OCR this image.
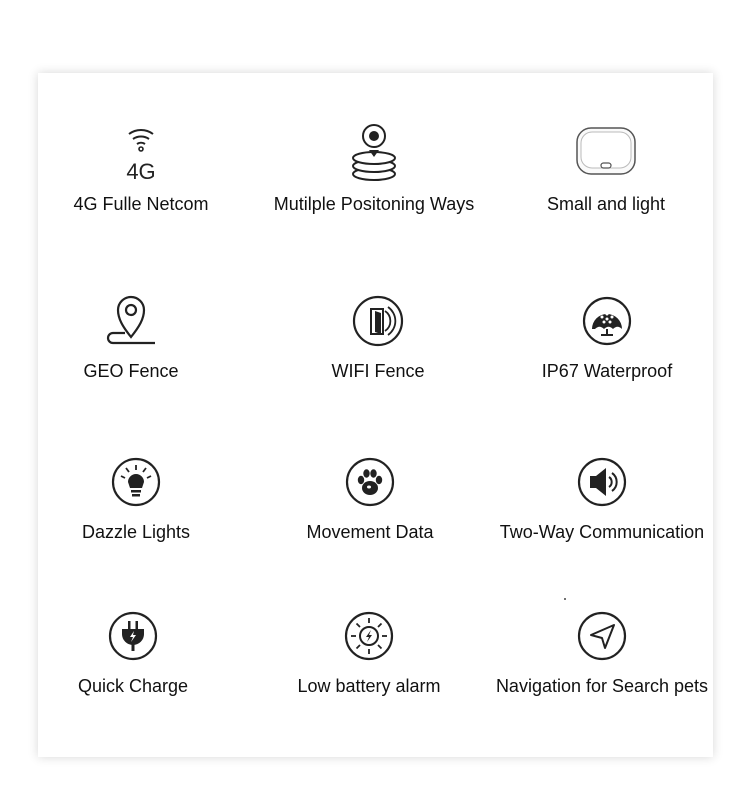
4G
4G Fulle Netcom	Mutilple Positoning Ways	Small and light
GEO Fence	WIFI Fence	IP67 Waterproof
Dazzle Lights	Movement Data	Two-Way Communication
Quick Charge	Low battery alarm	Navigation for Search pets
